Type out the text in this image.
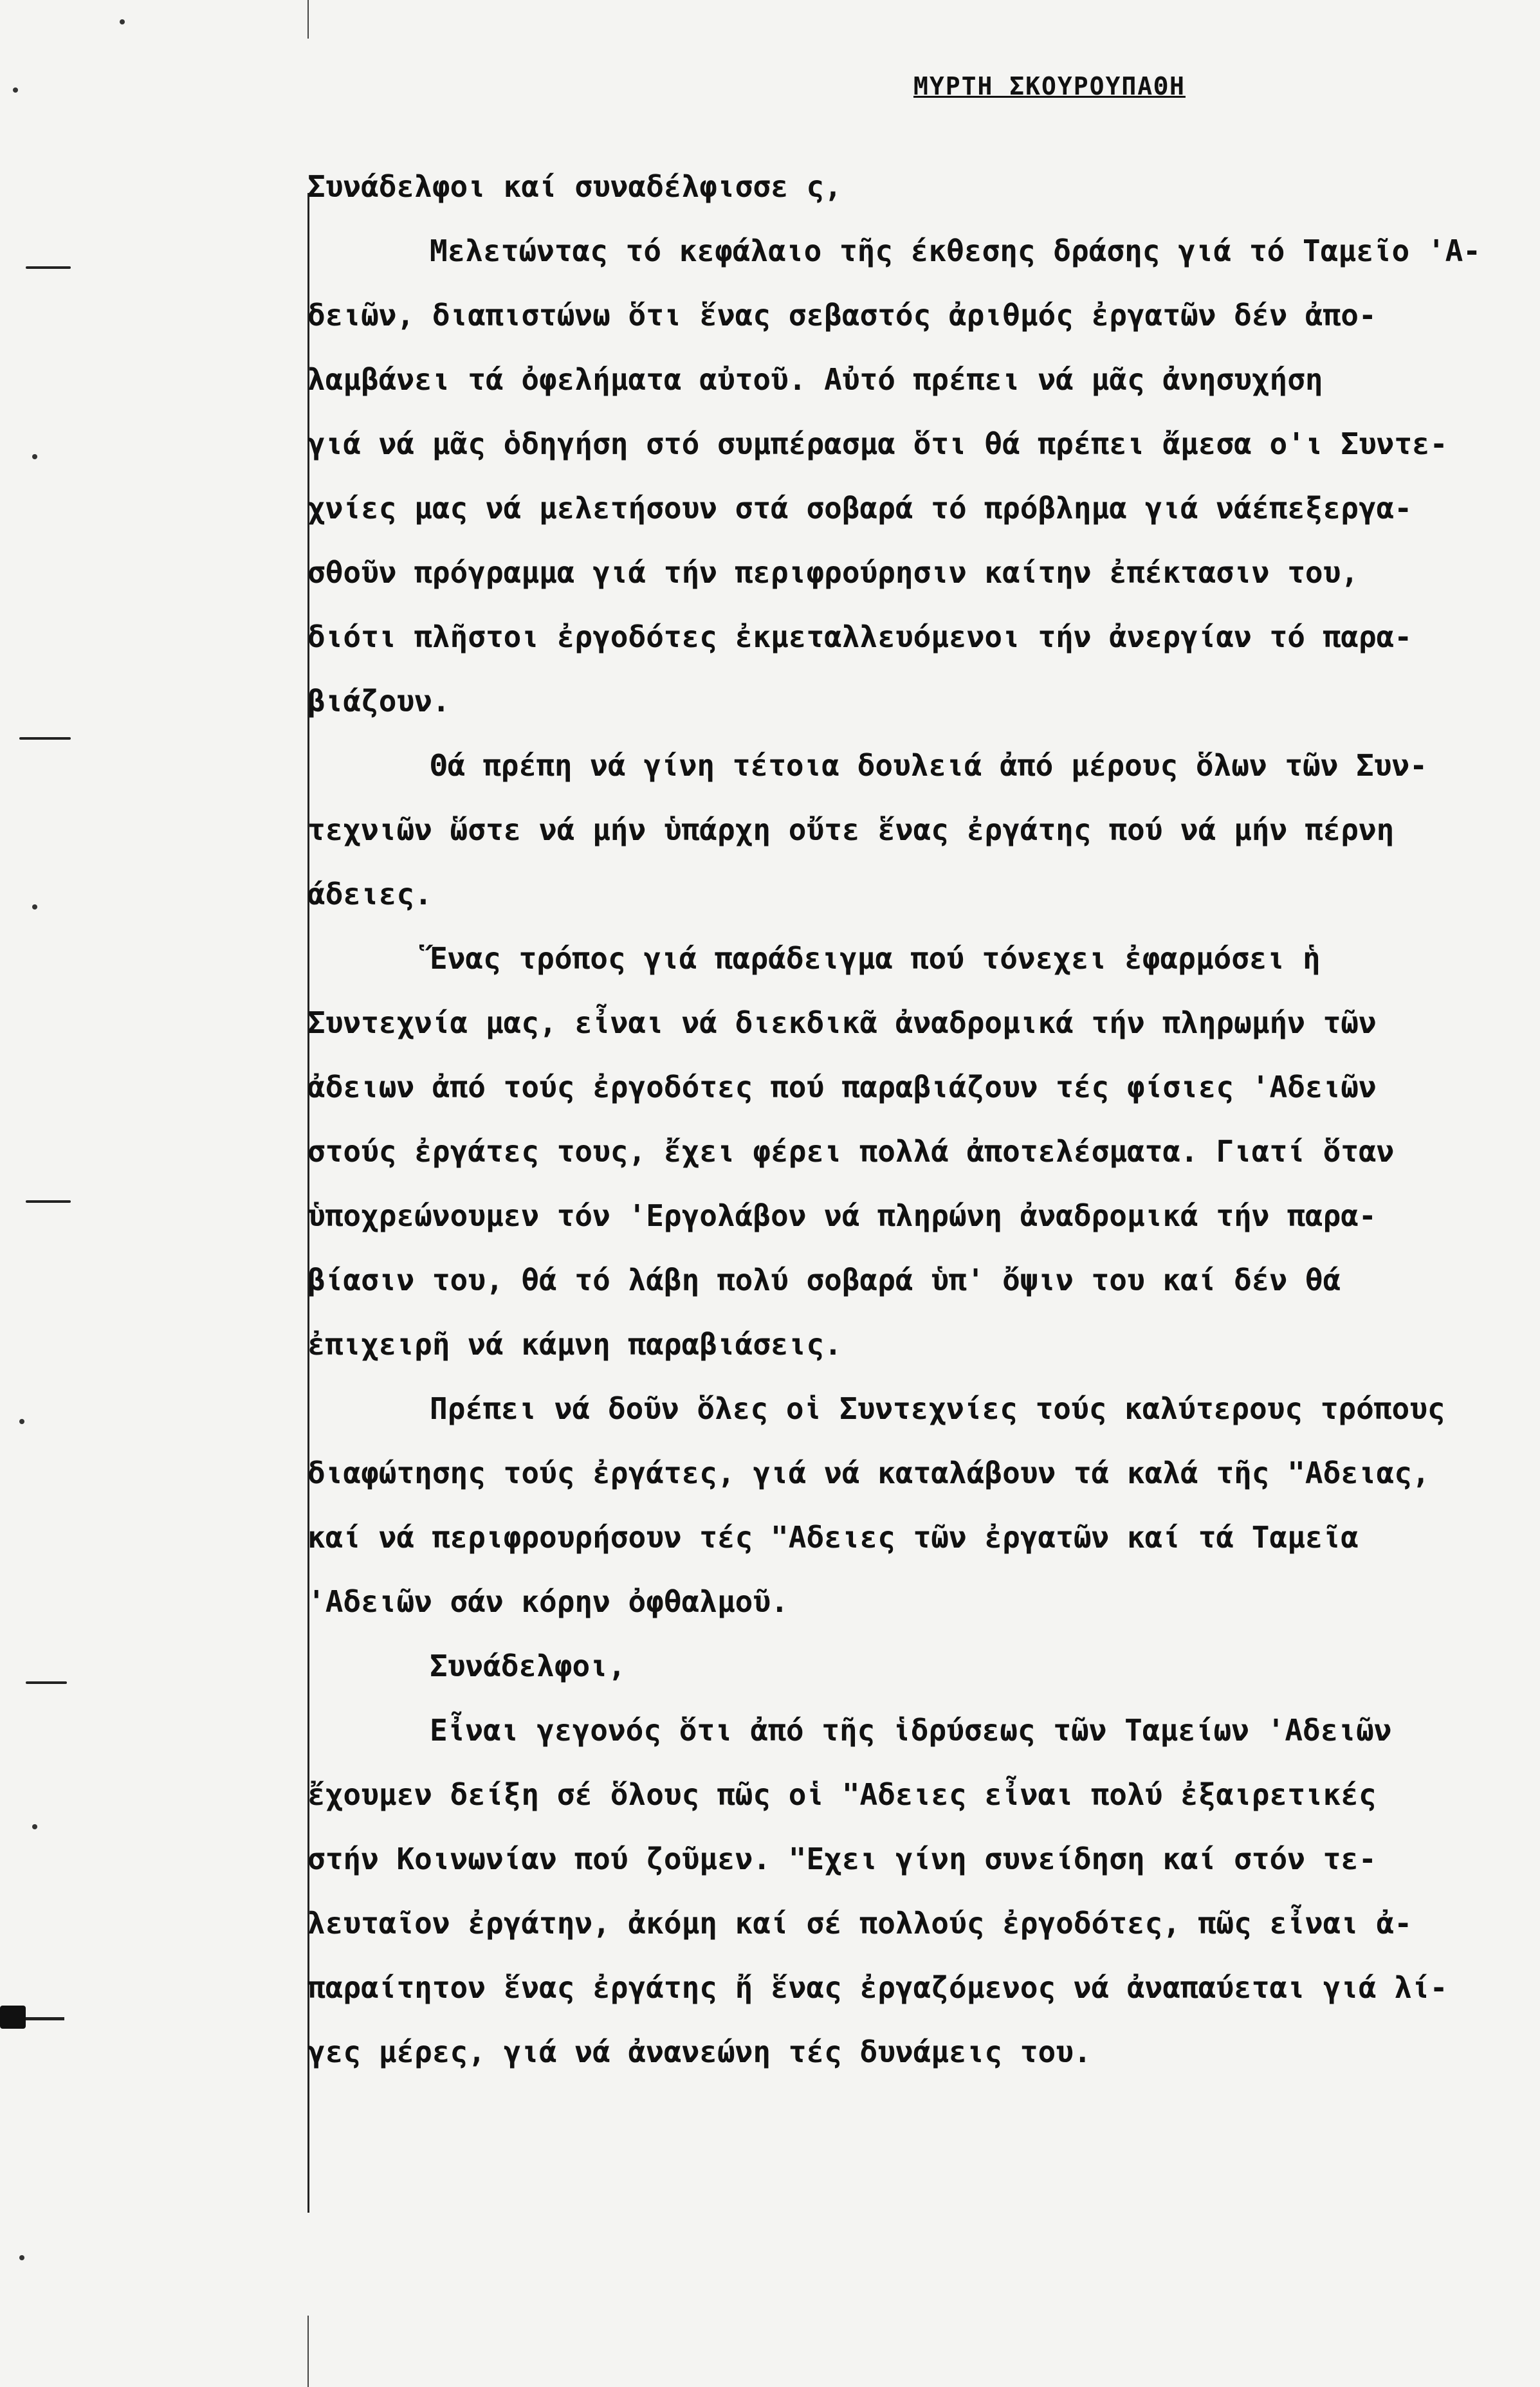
ΜΥΡΤΗ ΣΚΟΥΡΟΥΠΑΘΗ
Συνάδελφοι καί συναδέλφισσε ς,
Μελετώντας τό κεφάλαιο τῆς έκθεσης δράσης γιά τό Ταμεῖο 'Α-
δειῶν, διαπιστώνω ὅτι ἕνας σεβαστός ἀριθμός ἐργατῶν δέν ἀπο-
λαμβάνει τά ὀφελήματα αὐτοῦ. Αὐτό πρέπει νά μᾶς ἀνησυχήση
γιά νά μᾶς ὁδηγήση στό συμπέρασμα ὅτι θά πρέπει ἄμεσα ο'ι Συντε-
χνίες μας νά μελετήσουν στά σοβαρά τό πρόβλημα γιά νάέπεξεργα-
σθοῦν πρόγραμμα γιά τήν περιφρούρησιν καίτην ἐπέκτασιν του,
διότι πλῆστοι ἐργοδότες ἐκμεταλλευόμενοι τήν ἀνεργίαν τό παρα-
βιάζουν.
Θά πρέπη νά γίνη τέτοια δουλειά ἀπό μέρους ὅλων τῶν Συν-
τεχνιῶν ὥστε νά μήν ὑπάρχη οὔτε ἕνας ἐργάτης πού νά μήν πέρνη
άδειες.
Ἕνας τρόπος γιά παράδειγμα πού τόνεχει ἐφαρμόσει ἡ
Συντεχνία μας, εἶναι νά διεκδικᾶ ἀναδρομικά τήν πληρωμήν τῶν
ἀδειων ἀπό τούς ἐργοδότες πού παραβιάζουν τές φίσιες 'Αδειῶν
στούς ἐργάτες τους, ἔχει φέρει πολλά ἀποτελέσματα. Γιατί ὅταν
ὑποχρεώνουμεν τόν 'Εργολάβον νά πληρώνη ἀναδρομικά τήν παρα-
βίασιν του, θά τό λάβη πολύ σοβαρά ὑπ' ὄψιν του καί δέν θά
ἐπιχειρῆ νά κάμνη παραβιάσεις.
Πρέπει νά δοῦν ὅλες οἱ Συντεχνίες τούς καλύτερους τρόπους
διαφώτησης τούς ἐργάτες, γιά νά καταλάβουν τά καλά τῆς "Αδειας,
καί νά περιφρουρήσουν τές "Αδειες τῶν ἐργατῶν καί τά Ταμεῖα
'Αδειῶν σάν κόρην ὀφθαλμοῦ.
Συνάδελφοι,
Εἶναι γεγονός ὅτι ἀπό τῆς ἱδρύσεως τῶν Ταμείων 'Αδειῶν
ἔχουμεν δείξη σέ ὅλους πῶς οἱ "Αδειες εἶναι πολύ ἐξαιρετικές
στήν Κοινωνίαν πού ζοῦμεν. "Εχει γίνη συνείδηση καί στόν τε-
λευταῖον ἐργάτην, ἀκόμη καί σέ πολλούς ἐργοδότες, πῶς εἶναι ἀ-
παραίτητον ἕνας ἐργάτης ἤ ἕνας ἐργαζόμενος νά ἀναπαύεται γιά λί-
γες μέρες, γιά νά ἀνανεώνη τές δυνάμεις του.
